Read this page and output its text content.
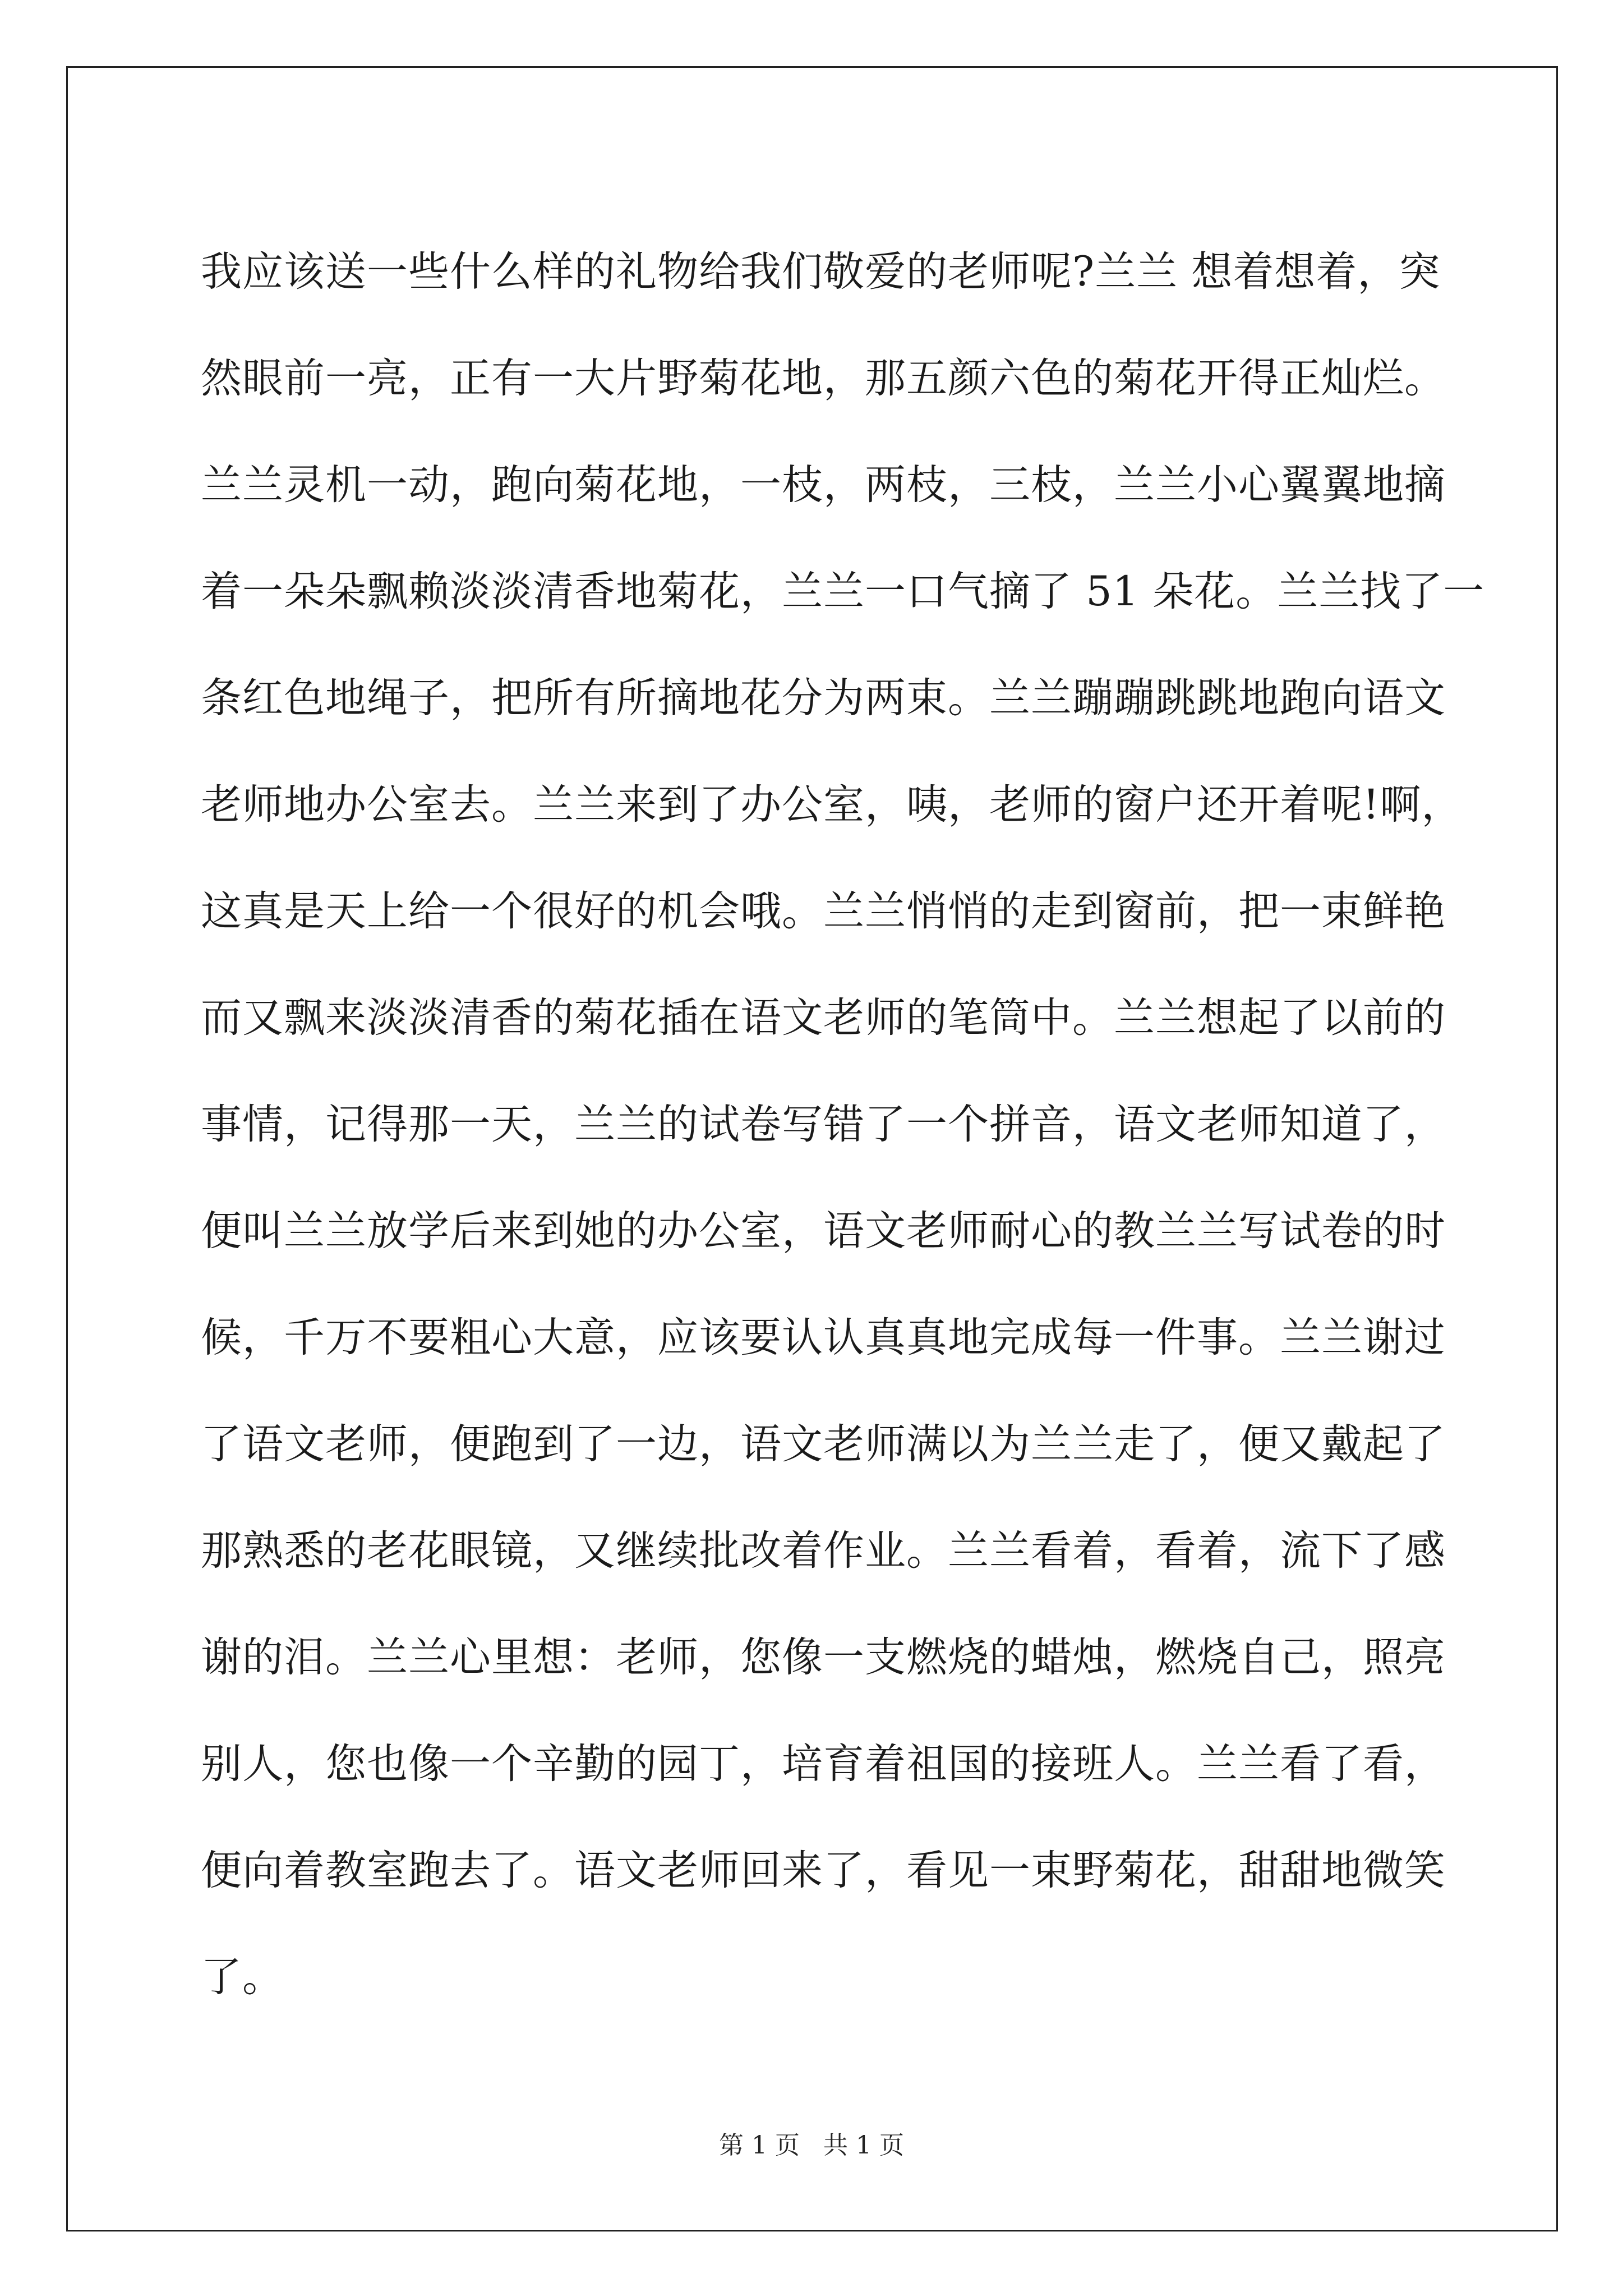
我应该送一些什么样的礼物给我们敬爱的老师呢?兰兰 想着想着，突
然眼前一亮，正有一大片野菊花地，那五颜六色的菊花开得正灿烂。
兰兰灵机一动，跑向菊花地，一枝，两枝，三枝，兰兰小心翼翼地摘
着一朵朵飘赖淡淡清香地菊花，兰兰一口气摘了 51 朵花。兰兰找了一
条红色地绳子，把所有所摘地花分为两束。兰兰蹦蹦跳跳地跑向语文
老师地办公室去。兰兰来到了办公室，咦，老师的窗户还开着呢!啊，
这真是天上给一个很好的机会哦。兰兰悄悄的走到窗前，把一束鲜艳
而又飘来淡淡清香的菊花插在语文老师的笔筒中。兰兰想起了以前的
事情，记得那一天，兰兰的试卷写错了一个拼音，语文老师知道了，
便叫兰兰放学后来到她的办公室，语文老师耐心的教兰兰写试卷的时
候，千万不要粗心大意，应该要认认真真地完成每一件事。兰兰谢过
了语文老师，便跑到了一边，语文老师满以为兰兰走了，便又戴起了
那熟悉的老花眼镜，又继续批改着作业。兰兰看着，看着，流下了感
谢的泪。兰兰心里想：老师，您像一支燃烧的蜡烛，燃烧自己，照亮
别人，您也像一个辛勤的园丁，培育着祖国的接班人。兰兰看了看，
便向着教室跑去了。语文老师回来了，看见一束野菊花，甜甜地微笑
了。
第 1 页   共 1 页
